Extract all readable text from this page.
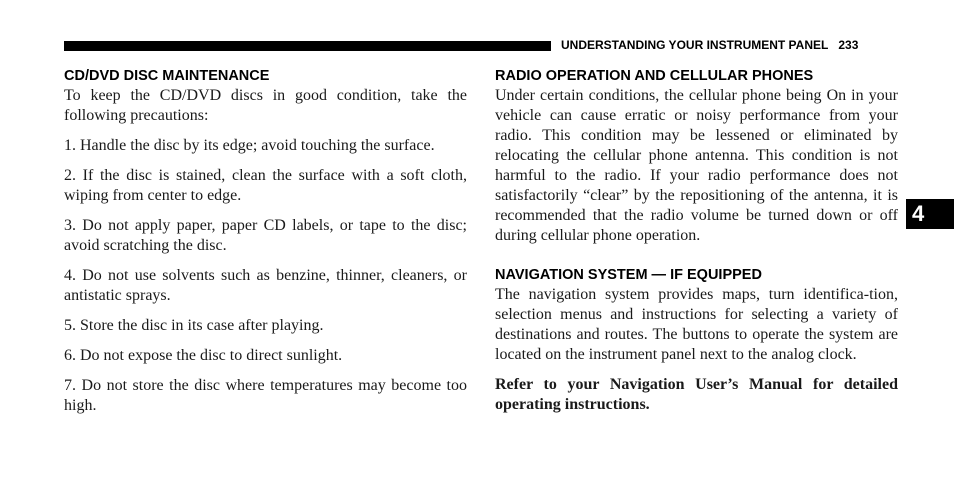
UNDERSTANDING YOUR INSTRUMENT PANEL 233
4
CD/DVD DISC MAINTENANCE

To keep the CD/DVD discs in good condition, take the following precautions:

1. Handle the disc by its edge; avoid touching the surface.

2. If the disc is stained, clean the surface with a soft cloth, wiping from center to edge.

3. Do not apply paper, paper CD labels, or tape to the disc; avoid scratching the disc.

4. Do not use solvents such as benzine, thinner, cleaners, or antistatic sprays.

5. Store the disc in its case after playing.

6. Do not expose the disc to direct sunlight.

7. Do not store the disc where temperatures may become too high.

RADIO OPERATION AND CELLULAR PHONES

Under certain conditions, the cellular phone being On in your vehicle can cause erratic or noisy performance from your radio. This condition may be lessened or eliminated by relocating the cellular phone antenna. This condition is not harmful to the radio. If your radio performance does not satisfactorily “clear” by the repositioning of the antenna, it is recommended that the radio volume be turned down or off during cellular phone operation.

NAVIGATION SYSTEM — IF EQUIPPED

The navigation system provides maps, turn identifica-tion, selection menus and instructions for selecting a variety of destinations and routes. The buttons to operate the system are located on the instrument panel next to the analog clock.

Refer to your Navigation User’s Manual for detailed operating instructions.
